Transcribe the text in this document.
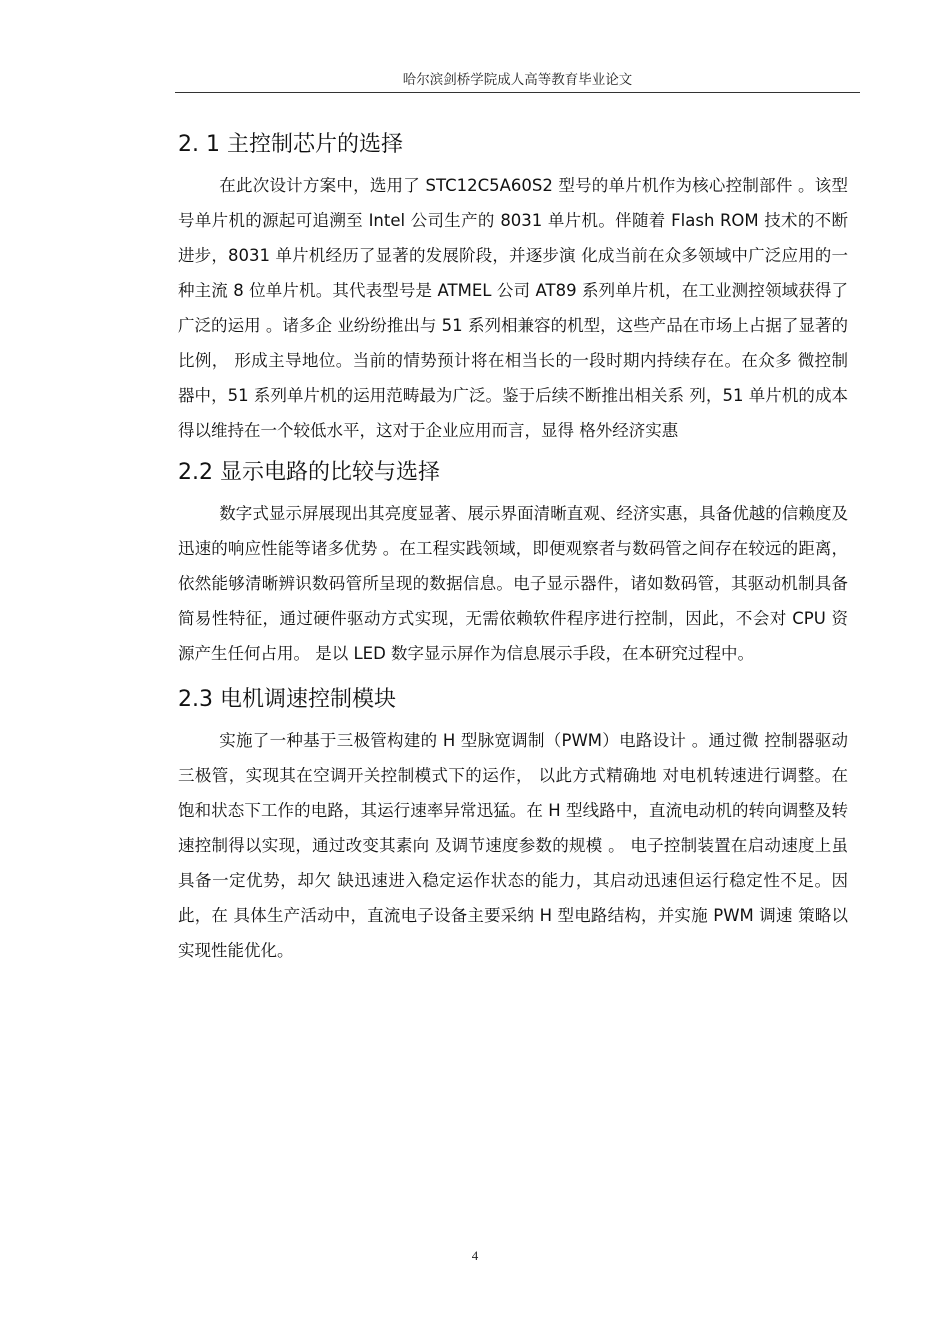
哈尔滨剑桥学院成人高等教育毕业论文
2. 1 主控制芯片的选择

在此次设计方案中，选用了 STC12C5A60S2 型号的单片机作为核心控制部件 。该型号单片机的源起可追溯至 Intel 公司生产的 8031 单片机。伴随着 Flash ROM 技术的不断进步，8031 单片机经历了显著的发展阶段，并逐步演 化成当前在众多领域中广泛应用的一种主流 8 位单片机。其代表型号是 ATMEL 公司 AT89 系列单片机，在工业测控领域获得了广泛的运用 。诸多企 业纷纷推出与 51 系列相兼容的机型，这些产品在市场上占据了显著的比例， 形成主导地位。当前的情势预计将在相当长的一段时期内持续存在。在众多 微控制器中，51 系列单片机的运用范畴最为广泛。鉴于后续不断推出相关系 列，51 单片机的成本得以维持在一个较低水平，这对于企业应用而言，显得 格外经济实惠

2.2 显示电路的比较与选择

数字式显示屏展现出其亮度显著、展示界面清晰直观、经济实惠，具备优越的信赖度及迅速的响应性能等诸多优势 。在工程实践领域，即便观察者与数码管之间存在较远的距离，依然能够清晰辨识数码管所呈现的数据信息。电子显示器件，诸如数码管，其驱动机制具备简易性特征，通过硬件驱动方式实现，无需依赖软件程序进行控制，因此，不会对 CPU 资源产生任何占用。 是以 LED 数字显示屏作为信息展示手段，在本研究过程中。

2.3 电机调速控制模块

实施了一种基于三极管构建的 H 型脉宽调制（PWM）电路设计 。通过微 控制器驱动三极管，实现其在空调开关控制模式下的运作， 以此方式精确地 对电机转速进行调整。在饱和状态下工作的电路，其运行速率异常迅猛。在 H 型线路中，直流电动机的转向调整及转速控制得以实现，通过改变其素向 及调节速度参数的规模 。 电子控制装置在启动速度上虽具备一定优势，却欠 缺迅速进入稳定运作状态的能力，其启动迅速但运行稳定性不足。因此，在 具体生产活动中，直流电子设备主要采纳 H 型电路结构，并实施 PWM 调速 策略以实现性能优化。

4
